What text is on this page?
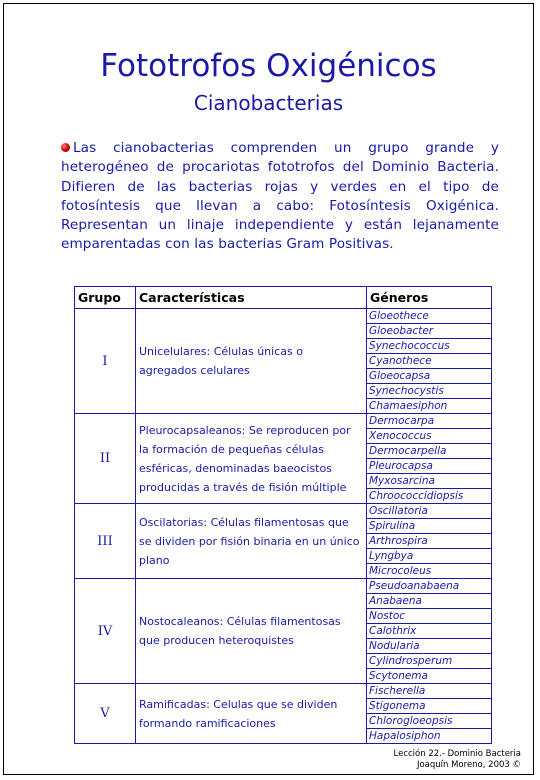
Fototrofos Oxigénicos
Cianobacterias

Las cianobacterias comprenden un grupo grande y heterogéneo de procariotas fototrofos del Dominio Bacteria. Difieren de las bacterias rojas y verdes en el tipo de fotosíntesis que llevan a cabo: Fotosíntesis Oxigénica. Representan un linaje independiente y están lejanamente emparentadas con las bacterias Gram Positivas.

Grupo	Características	Géneros
I	Unicelulares: Células únicas o agregados celulares	Gloeothece
		Gloeobacter
		Synechococcus
		Cyanothece
		Gloeocapsa
		Synechocystis
		Chamaesiphon
II	Pleurocapsaleanos: Se reproducen por la formación de pequeñas células esféricas, denominadas baeocistos producidas a través de fisión múltiple	Dermocarpa
		Xenococcus
		Dermocarpella
		Pleurocapsa
		Myxosarcina
		Chroococcidiopsis
III	Oscilatorias: Células filamentosas que se dividen por fisión binaria en un único plano	Oscillatoria
		Spirulina
		Arthrospira
		Lyngbya
		Microcoleus
IV	Nostocaleanos: Células filamentosas que producen heteroquistes	Pseudoanabaena
		Anabaena
		Nostoc
		Calothrix
		Nodularia
		Cylindrosperum
		Scytonema
V	Ramificadas: Celulas que se dividen formando ramificaciones	Fischerella
		Stigonema
		Chlorogloeopsis
		Hapalosiphon
Lección 22.- Dominio Bacteria
Joaquín Moreno, 2003 ©
